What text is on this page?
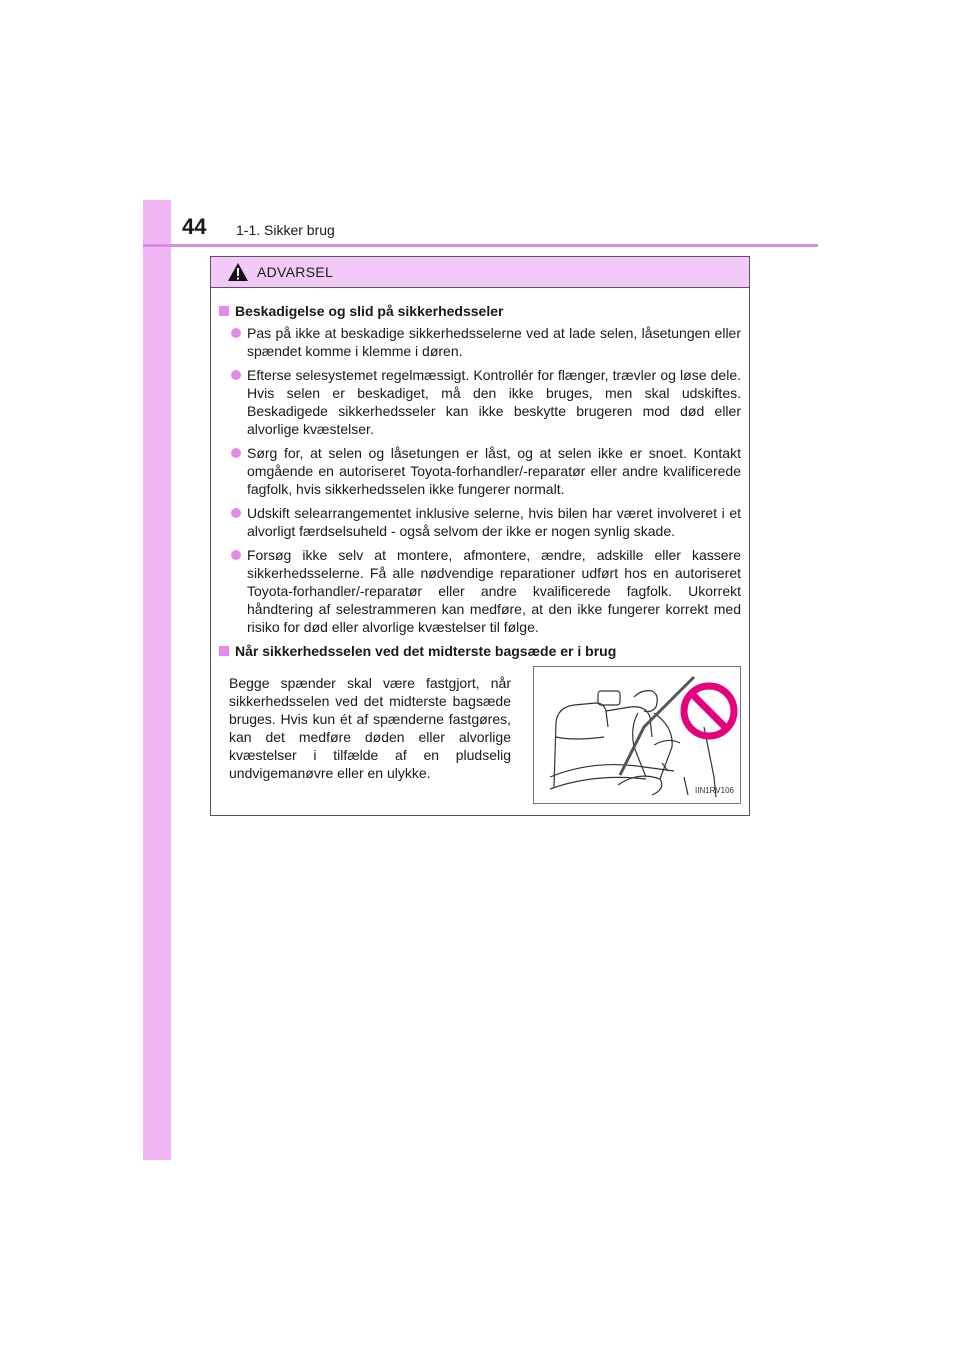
44 1-1. Sikker brug
ADVARSEL
Beskadigelse og slid på sikkerhedsseler
Pas på ikke at beskadige sikkerhedsselerne ved at lade selen, låsetungen eller spændet komme i klemme i døren.
Efterse selesystemet regelmæssigt. Kontrollér for flænger, trævler og løse dele. Hvis selen er beskadiget, må den ikke bruges, men skal udskiftes. Beskadigede sikkerhedsseler kan ikke beskytte brugeren mod død eller alvorlige kvæstelser.
Sørg for, at selen og låsetungen er låst, og at selen ikke er snoet. Kontakt omgående en autoriseret Toyota-forhandler/-reparatør eller andre kvalificerede fagfolk, hvis sikkerhedsselen ikke fungerer normalt.
Udskift selearrangementet inklusive selerne, hvis bilen har været involveret i et alvorligt færdselsuheld - også selvom der ikke er nogen synlig skade.
Forsøg ikke selv at montere, afmontere, ændre, adskille eller kassere sikkerhedsselerne. Få alle nødvendige reparationer udført hos en autoriseret Toyota-forhandler/-reparatør eller andre kvalificerede fagfolk. Ukorrekt håndtering af selestrammeren kan medføre, at den ikke fungerer korrekt med risiko for død eller alvorlige kvæstelser til følge.
Når sikkerhedsselen ved det midterste bagsæde er i brug
Begge spænder skal være fastgjort, når sikkerhedsselen ved det midterste bagsæde bruges. Hvis kun ét af spænderne fastgøres, kan det medføre døden eller alvorlige kvæstelser i tilfælde af en pludselig undvigemanøvre eller en ulykke.
IIN1RV106
